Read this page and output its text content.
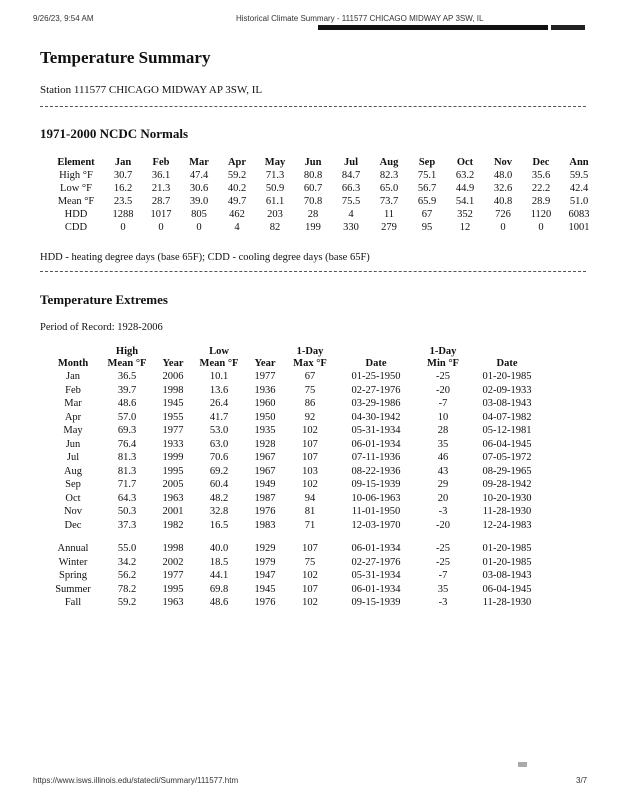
9/26/23, 9:54 AM	Historical Climate Summary - 111577 CHICAGO MIDWAY AP 3SW, IL
Temperature Summary
Station 111577 CHICAGO MIDWAY AP 3SW, IL
1971-2000 NCDC Normals
Element	Jan	Feb	Mar	Apr	May	Jun	Jul	Aug	Sep	Oct	Nov	Dec	Ann
High °F	30.7	36.1	47.4	59.2	71.3	80.8	84.7	82.3	75.1	63.2	48.0	35.6	59.5
Low °F	16.2	21.3	30.6	40.2	50.9	60.7	66.3	65.0	56.7	44.9	32.6	22.2	42.4
Mean °F	23.5	28.7	39.0	49.7	61.1	70.8	75.5	73.7	65.9	54.1	40.8	28.9	51.0
HDD	1288	1017	805	462	203	28	4	11	67	352	726	1120	6083
CDD	0	0	0	4	82	199	330	279	95	12	0	0	1001
HDD - heating degree days (base 65F); CDD - cooling degree days (base 65F)
Temperature Extremes
Period of Record: 1928-2006
	High		Low		1-Day		1-Day	
Month	Mean °F	Year	Mean °F	Year	Max °F	Date	Min °F	Date
Jan	36.5	2006	10.1	1977	67	01-25-1950	-25	01-20-1985
Feb	39.7	1998	13.6	1936	75	02-27-1976	-20	02-09-1933
Mar	48.6	1945	26.4	1960	86	03-29-1986	-7	03-08-1943
Apr	57.0	1955	41.7	1950	92	04-30-1942	10	04-07-1982
May	69.3	1977	53.0	1935	102	05-31-1934	28	05-12-1981
Jun	76.4	1933	63.0	1928	107	06-01-1934	35	06-04-1945
Jul	81.3	1999	70.6	1967	107	07-11-1936	46	07-05-1972
Aug	81.3	1995	69.2	1967	103	08-22-1936	43	08-29-1965
Sep	71.7	2005	60.4	1949	102	09-15-1939	29	09-28-1942
Oct	64.3	1963	48.2	1987	94	10-06-1963	20	10-20-1930
Nov	50.3	2001	32.8	1976	81	11-01-1950	-3	11-28-1930
Dec	37.3	1982	16.5	1983	71	12-03-1970	-20	12-24-1983

Annual	55.0	1998	40.0	1929	107	06-01-1934	-25	01-20-1985
Winter	34.2	2002	18.5	1979	75	02-27-1976	-25	01-20-1985
Spring	56.2	1977	44.1	1947	102	05-31-1934	-7	03-08-1943
Summer	78.2	1995	69.8	1945	107	06-01-1934	35	06-04-1945
Fall	59.2	1963	48.6	1976	102	09-15-1939	-3	11-28-1930
https://www.isws.illinois.edu/statecli/Summary/111577.htm	3/7
